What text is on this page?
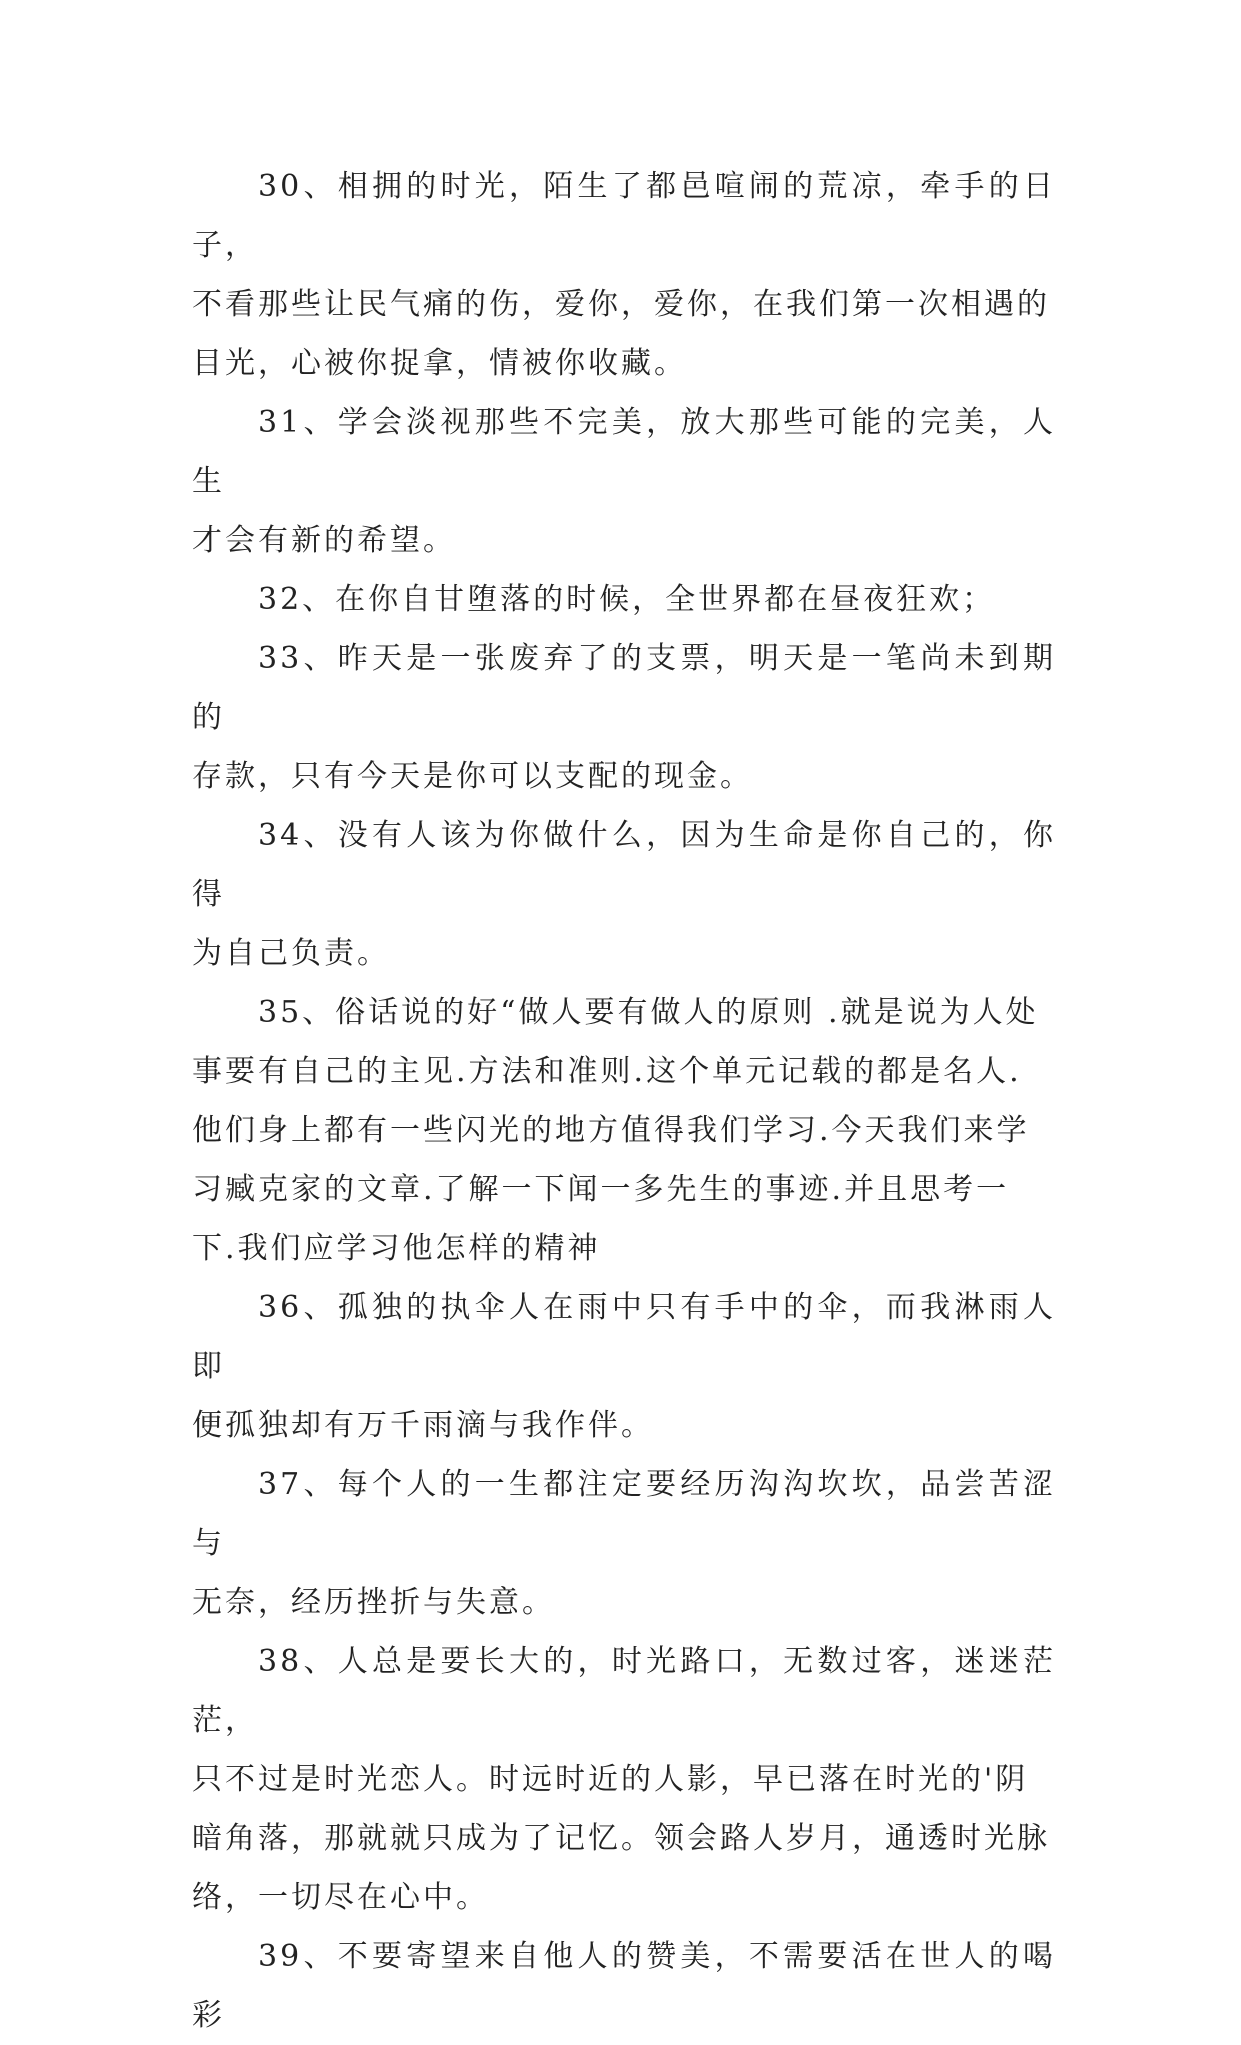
30、相拥的时光，陌生了都邑喧闹的荒凉，牵手的日子，
不看那些让民气痛的伤，爱你，爱你，在我们第一次相遇的
目光，心被你捉拿，情被你收藏。

31、学会淡视那些不完美，放大那些可能的完美，人生
才会有新的希望。

32、在你自甘堕落的时候，全世界都在昼夜狂欢；

33、昨天是一张废弃了的支票，明天是一笔尚未到期的
存款，只有今天是你可以支配的现金。

34、没有人该为你做什么，因为生命是你自己的，你得
为自己负责。

35、俗话说的好“做人要有做人的原则 .就是说为人处
事要有自己的主见.方法和准则.这个单元记载的都是名人.
他们身上都有一些闪光的地方值得我们学习.今天我们来学
习臧克家的文章.了解一下闻一多先生的事迹.并且思考一
下.我们应学习他怎样的精神

36、孤独的执伞人在雨中只有手中的伞，而我淋雨人即
便孤独却有万千雨滴与我作伴。

37、每个人的一生都注定要经历沟沟坎坎，品尝苦涩与
无奈，经历挫折与失意。

38、人总是要长大的，时光路口，无数过客，迷迷茫茫，
只不过是时光恋人。时远时近的人影，早已落在时光的'阴
暗角落，那就就只成为了记忆。领会路人岁月，通透时光脉
络，一切尽在心中。

39、不要寄望来自他人的赞美，不需要活在世人的喝彩
